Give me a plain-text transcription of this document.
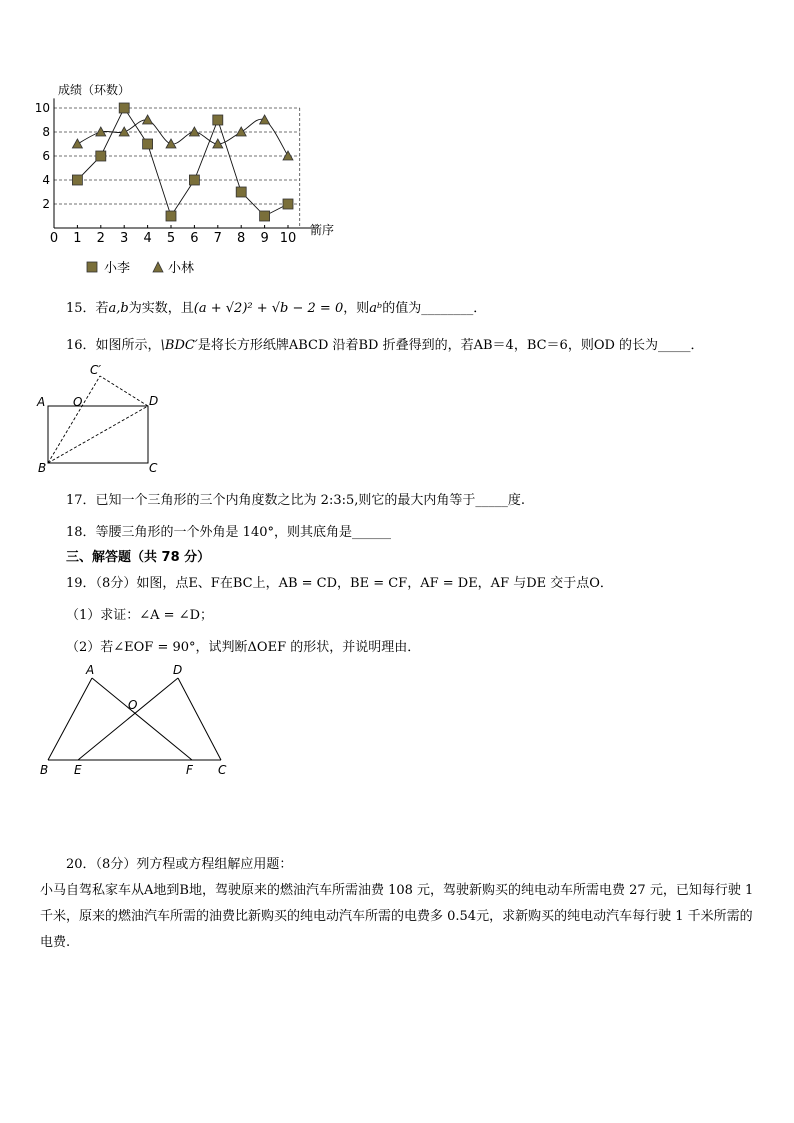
2
4
6
8
10
0 1 2 3 4 5 6 7 8 9 10
成绩（环数）
箭序
小李	小林
15．若a,b为实数，且(a + √2)² + √b − 2 = 0，则aᵇ的值为________．
16．如图所示，\BDC′是将长方形纸牌ABCD 沿着BD 折叠得到的，若AB＝4，BC＝6，则OD 的长为_____．
C′
A O	D
B	C
17．已知一个三角形的三个内角度数之比为 2:3:5,则它的最大内角等于_____度.
18．等腰三角形的一个外角是 140°，则其底角是______
三、解答题（共 78 分）
19．（8分）如图，点E、F在BC上，AB = CD，BE = CF，AF = DE，AF 与DE 交于点O．
（1）求证：∠A = ∠D；
（2）若∠EOF = 90°，试判断ΔOEF 的形状，并说明理由．
A	D
O
B E	F C
20．（8分）列方程或方程组解应用题：
小马自驾私家车从A地到B地，驾驶原来的燃油汽车所需油费 108 元，驾驶新购买的纯电动车所需电费 27 元，已知每行驶 1 千米，原来的燃油汽车所需的油费比新购买的纯电动汽车所需的电费多 0.54元，求新购买的纯电动汽车每行驶 1 千米所需的电费.
